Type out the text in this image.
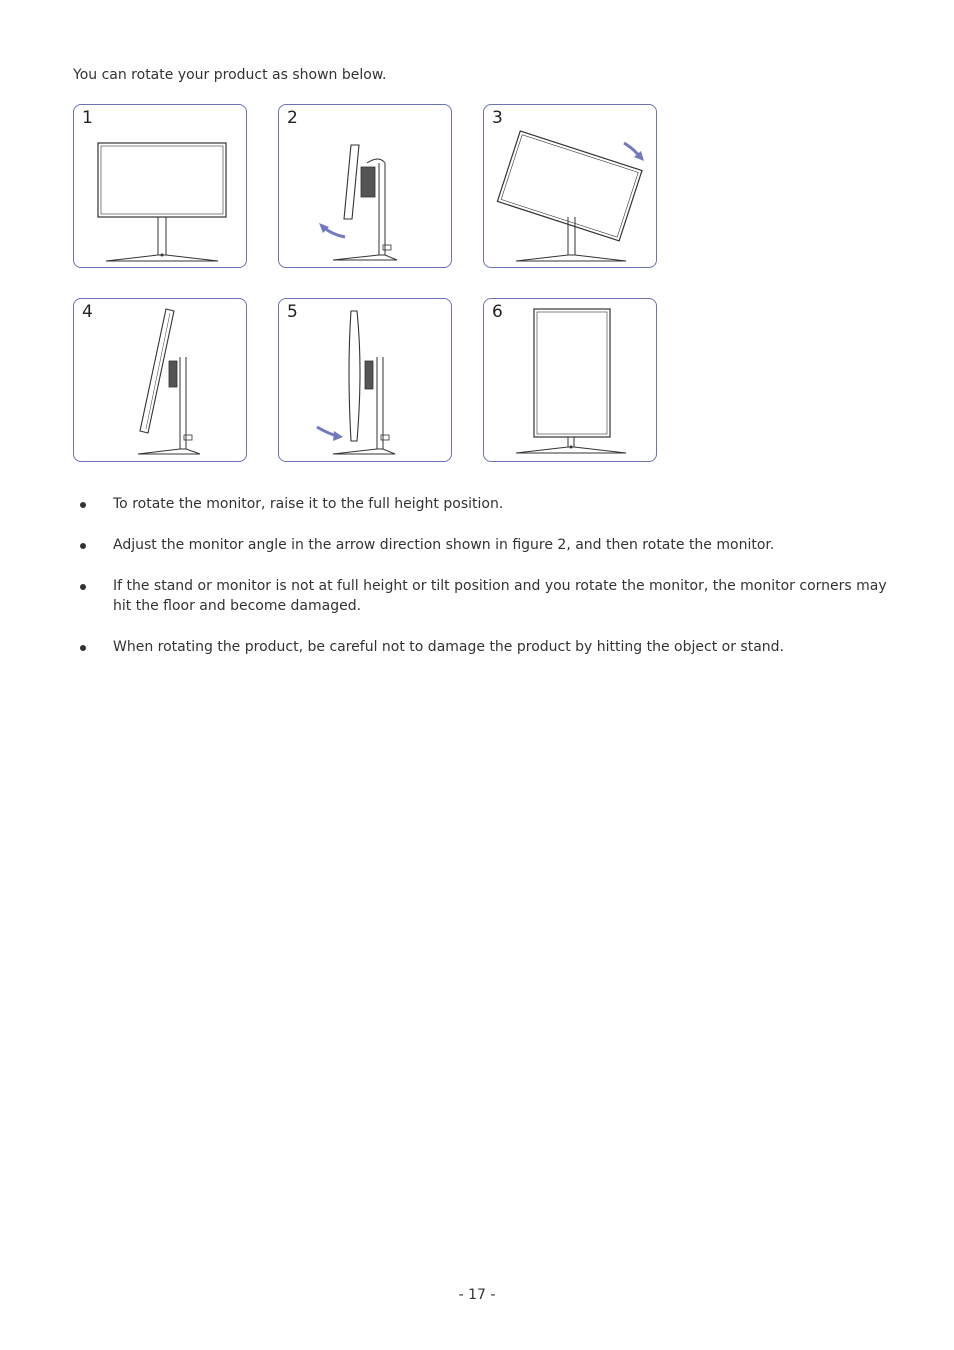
You can rotate your product as shown below.
1	2	3
4	5	6
To rotate the monitor, raise it to the full height position.
Adjust the monitor angle in the arrow direction shown in figure 2, and then rotate the monitor.
If the stand or monitor is not at full height or tilt position and you rotate the monitor, the monitor corners may hit the floor and become damaged.
When rotating the product, be careful not to damage the product by hitting the object or stand.
- 17 -
